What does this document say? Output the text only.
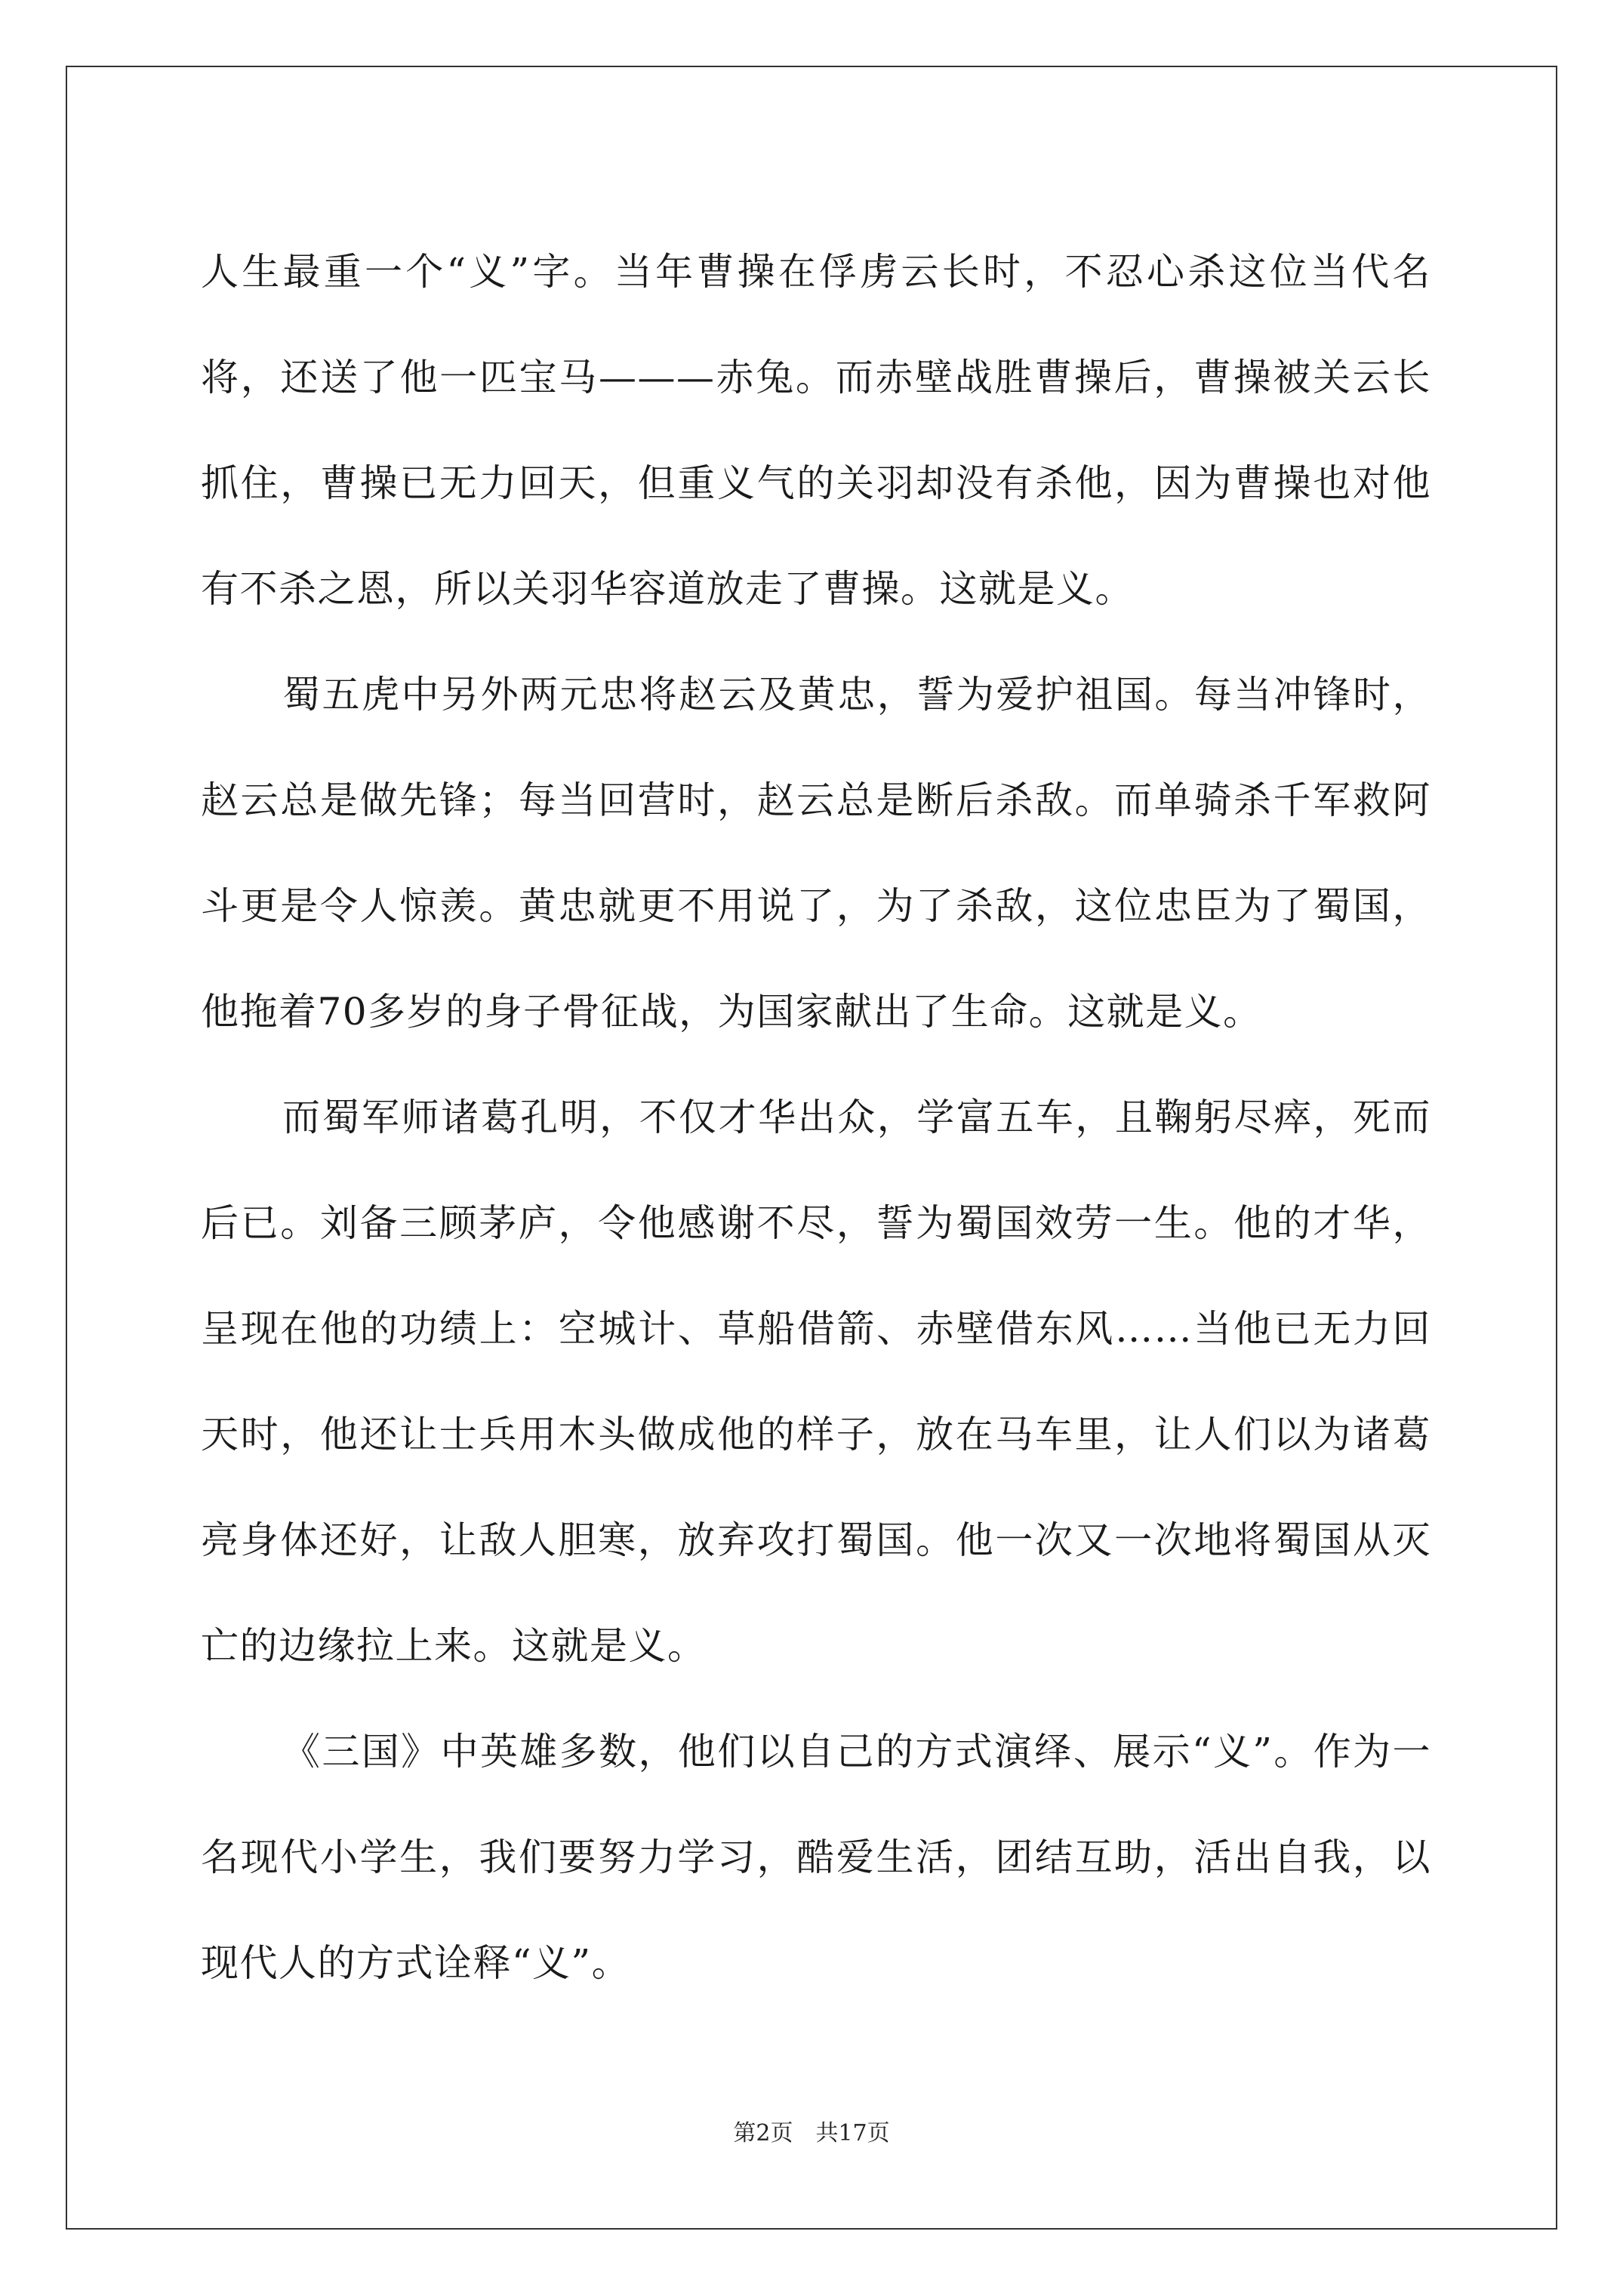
人生最重一个“义”字。当年曹操在俘虏云长时，不忍心杀这位当代名将，还送了他一匹宝马———赤兔。而赤壁战胜曹操后，曹操被关云长抓住，曹操已无力回天，但重义气的关羽却没有杀他，因为曹操也对他有不杀之恩，所以关羽华容道放走了曹操。这就是义。

蜀五虎中另外两元忠将赵云及黄忠，誓为爱护祖国。每当冲锋时，赵云总是做先锋；每当回营时，赵云总是断后杀敌。而单骑杀千军救阿斗更是令人惊羡。黄忠就更不用说了，为了杀敌，这位忠臣为了蜀国，他拖着70多岁的身子骨征战，为国家献出了生命。这就是义。

而蜀军师诸葛孔明，不仅才华出众，学富五车，且鞠躬尽瘁，死而后已。刘备三顾茅庐，令他感谢不尽，誓为蜀国效劳一生。他的才华，呈现在他的功绩上：空城计、草船借箭、赤壁借东风……当他已无力回天时，他还让士兵用木头做成他的样子，放在马车里，让人们以为诸葛亮身体还好，让敌人胆寒，放弃攻打蜀国。他一次又一次地将蜀国从灭亡的边缘拉上来。这就是义。

《三国》中英雄多数，他们以自己的方式演绎、展示“义”。作为一名现代小学生，我们要努力学习，酷爱生活，团结互助，活出自我，以现代人的方式诠释“义”。

第2页　共17页
